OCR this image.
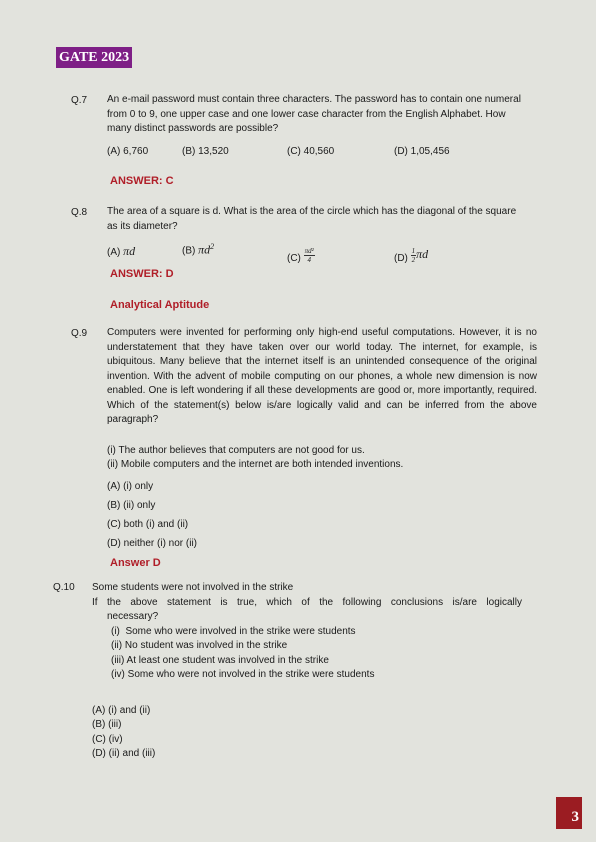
GATE 2023
Q.7 An e-mail password must contain three characters. The password has to contain one numeral from 0 to 9, one upper case and one lower case character from the English Alphabet. How many distinct passwords are possible?
(A) 6,760	(B) 13,520	(C) 40,560	(D) 1,05,456
ANSWER: C
Q.8 The area of a square is d. What is the area of the circle which has the diagonal of the square as its diameter?
(A) πd	(B) $\pi d^2$
$(C) \frac{\text{πd²}}{4}$	$(D) \frac{1}{2}$ πd
ANSWER: D
Analytical Aptitude
Q.9 Computers were invented for performing only high-end useful computations. However, it is no understatement that they have taken over our world today. The internet, for example, is ubiquitous. Many believe that the internet itself is an unintended consequence of the original invention. With the advent of mobile computing on our phones, a whole new dimension is now enabled. One is left wondering if all these developments are good or, more importantly, required. Which of the statement(s) below is/are logically valid and can be inferred from the above paragraph?
(i) The author believes that computers are not good for us.
(ii) Mobile computers and the internet are both intended inventions.
(A) (i) only
(B) (ii) only
(C) both (i) and (ii)
(D) neither (i) nor (ii)
Answer D
Q.10 Some students were not involved in the strike
If the above statement is true, which of the following conclusions is/are logically
necessary?
(i)  Some who were involved in the strike were students
(ii) No student was involved in the strike
(iii) At least one student was involved in the strike
(iv) Some who were not involved in the strike were students
(A) (i) and (ii)
(B) (iii)
(C) (iv)
(D) (ii) and (iii)
3
